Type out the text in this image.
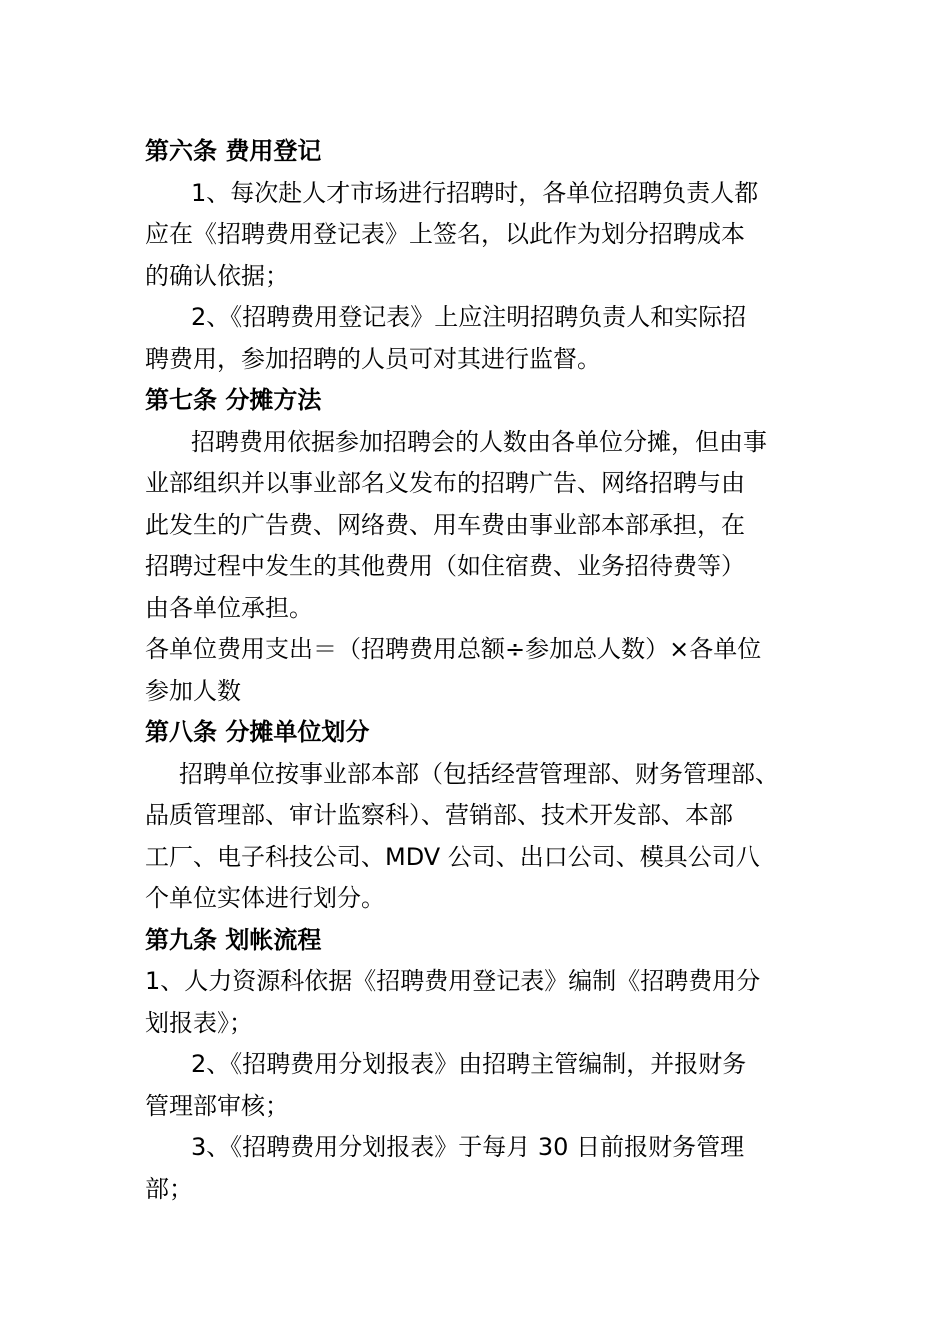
第六条 费用登记
1、每次赴人才市场进行招聘时，各单位招聘负责人都
应在《招聘费用登记表》上签名，以此作为划分招聘成本
的确认依据；
2、《招聘费用登记表》上应注明招聘负责人和实际招
聘费用，参加招聘的人员可对其进行监督。
第七条 分摊方法
招聘费用依据参加招聘会的人数由各单位分摊，但由事
业部组织并以事业部名义发布的招聘广告、网络招聘与由
此发生的广告费、网络费、用车费由事业部本部承担，在
招聘过程中发生的其他费用（如住宿费、业务招待费等）
由各单位承担。
各单位费用支出＝（招聘费用总额÷参加总人数）×各单位
参加人数
第八条 分摊单位划分
招聘单位按事业部本部（包括经营管理部、财务管理部、
品质管理部、审计监察科）、营销部、技术开发部、本部
工厂、电子科技公司、MDV 公司、出口公司、模具公司八
个单位实体进行划分。
第九条 划帐流程
1、人力资源科依据《招聘费用登记表》编制《招聘费用分
划报表》；
2、《招聘费用分划报表》由招聘主管编制，并报财务
管理部审核；
3、《招聘费用分划报表》于每月 30 日前报财务管理
部；
